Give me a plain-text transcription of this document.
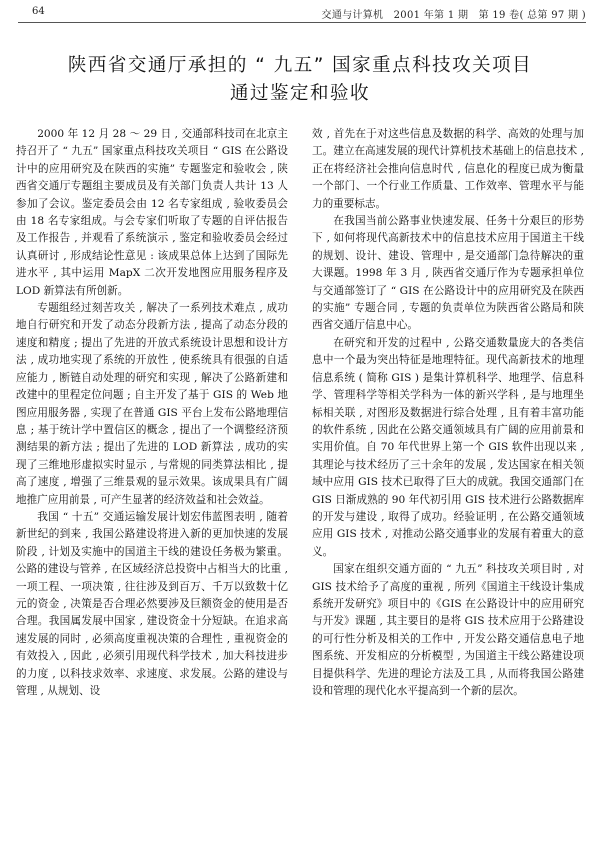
64	交通与计算机　2001 年第 1 期　第 19 卷( 总第 97 期 )
陕西省交通厅承担的 “ 九五” 国家重点科技攻关项目
通过鉴定和验收

2000 年 12 月 28 ～ 29 日 , 交通部科技司在北京主持召开了 “ 九五” 国家重点科技攻关项目 “ GIS 在公路设计中的应用研究及在陕西的实施” 专题鉴定和验收会 , 陕西省交通厅专题组主要成员及有关部门负责人共计 13 人参加了会议。鉴定委员会由 12 名专家组成 , 验收委员会由 18 名专家组成。与会专家们听取了专题的自评估报告及工作报告 , 并观看了系统演示 , 鉴定和验收委员会经过认真研讨 , 形成结论性意见 : 该成果总体上达到了国际先进水平 , 其中运用 MapX 二次开发地图应用服务程序及 LOD 新算法有所创新。

专题组经过刻苦攻关 , 解决了一系列技术难点 , 成功地自行研究和开发了动态分段新方法 , 提高了动态分段的速度和精度 ; 提出了先进的开放式系统设计思想和设计方法 , 成功地实现了系统的开放性 , 使系统具有很强的自适应能力 , 断链自动处理的研究和实现 , 解决了公路新建和改建中的里程定位问题 ; 自主开发了基于 GIS 的 Web 地图应用服务器 , 实现了在普通 GIS 平台上发布公路地理信息 ; 基于统计学中置信区的概念 , 提出了一个调整经济预测结果的新方法 ; 提出了先进的 LOD 新算法 , 成功的实现了三维地形虚拟实时显示 , 与常规的同类算法相比 , 提高了速度 , 增强了三维景观的显示效果。该成果具有广阔地推广应用前景 , 可产生显著的经济效益和社会效益。

我国 “ 十五” 交通运输发展计划宏伟蓝图表明 , 随着新世纪的到来 , 我国公路建设将进入新的更加快速的发展阶段 , 计划及实施中的国道主干线的建设任务极为繁重。公路的建设与管养 , 在区域经济总投资中占相当大的比重 , 一项工程、一项决策 , 往往涉及到百万、千万以致数十亿元的资金 , 决策是否合理必然要涉及巨额资金的使用是否合理。我国属发展中国家 , 建设资金十分短缺。在追求高速发展的同时 , 必须高度重视决策的合理性 , 重视资金的有效投入 , 因此 , 必须引用现代科学技术 , 加大科技进步的力度 , 以科技求效率、求速度、求发展。公路的建设与管理 , 从规划、设

效 , 首先在于对这些信息及数据的科学、高效的处理与加工。建立在高速发展的现代计算机技术基础上的信息技术 , 正在将经济社会推向信息时代 , 信息化的程度已成为衡量一个部门、一个行业工作质量、工作效率、管理水平与能力的重要标志。

在我国当前公路事业快速发展、任务十分艰巨的形势下 , 如何将现代高新技术中的信息技术应用于国道主干线的规划、设计、建设、管理中 , 是交通部门急待解决的重大课题。1998 年 3 月 , 陕西省交通厅作为专题承担单位与交通部签订了 “ GIS 在公路设计中的应用研究及在陕西的实施” 专题合同 , 专题的负责单位为陕西省公路局和陕西省交通厅信息中心。

在研究和开发的过程中 , 公路交通数量庞大的各类信息中一个最为突出特征是地理特征。现代高新技术的地理信息系统 ( 简称 GIS ) 是集计算机科学、地理学、信息科学、管理科学等相关学科为一体的新兴学科 , 是与地理坐标相关联 , 对图形及数据进行综合处理 , 且有着丰富功能的软件系统 , 因此在公路交通领域具有广阔的应用前景和实用价值。自 70 年代世界上第一个 GIS 软件出现以来 , 其理论与技术经历了三十余年的发展 , 发达国家在相关领域中应用 GIS 技术已取得了巨大的成就。我国交通部门在 GIS 日渐成熟的 90 年代初引用 GIS 技术进行公路数据库的开发与建设 , 取得了成功。经验证明 , 在公路交通领域应用 GIS 技术 , 对推动公路交通事业的发展有着重大的意义。

国家在组织交通方面的 “ 九五” 科技攻关项目时 , 对 GIS 技术给予了高度的重视 , 所列《国道主干线设计集成系统开发研究》项目中的《GIS 在公路设计中的应用研究与开发》课题 , 其主要目的是将 GIS 技术应用于公路建设的可行性分析及相关的工作中 , 开发公路交通信息电子地图系统、开发相应的分析模型 , 为国道主干线公路建设项目提供科学、先进的理论方法及工具 , 从而将我国公路建设和管理的现代化水平提高到一个新的层次。
